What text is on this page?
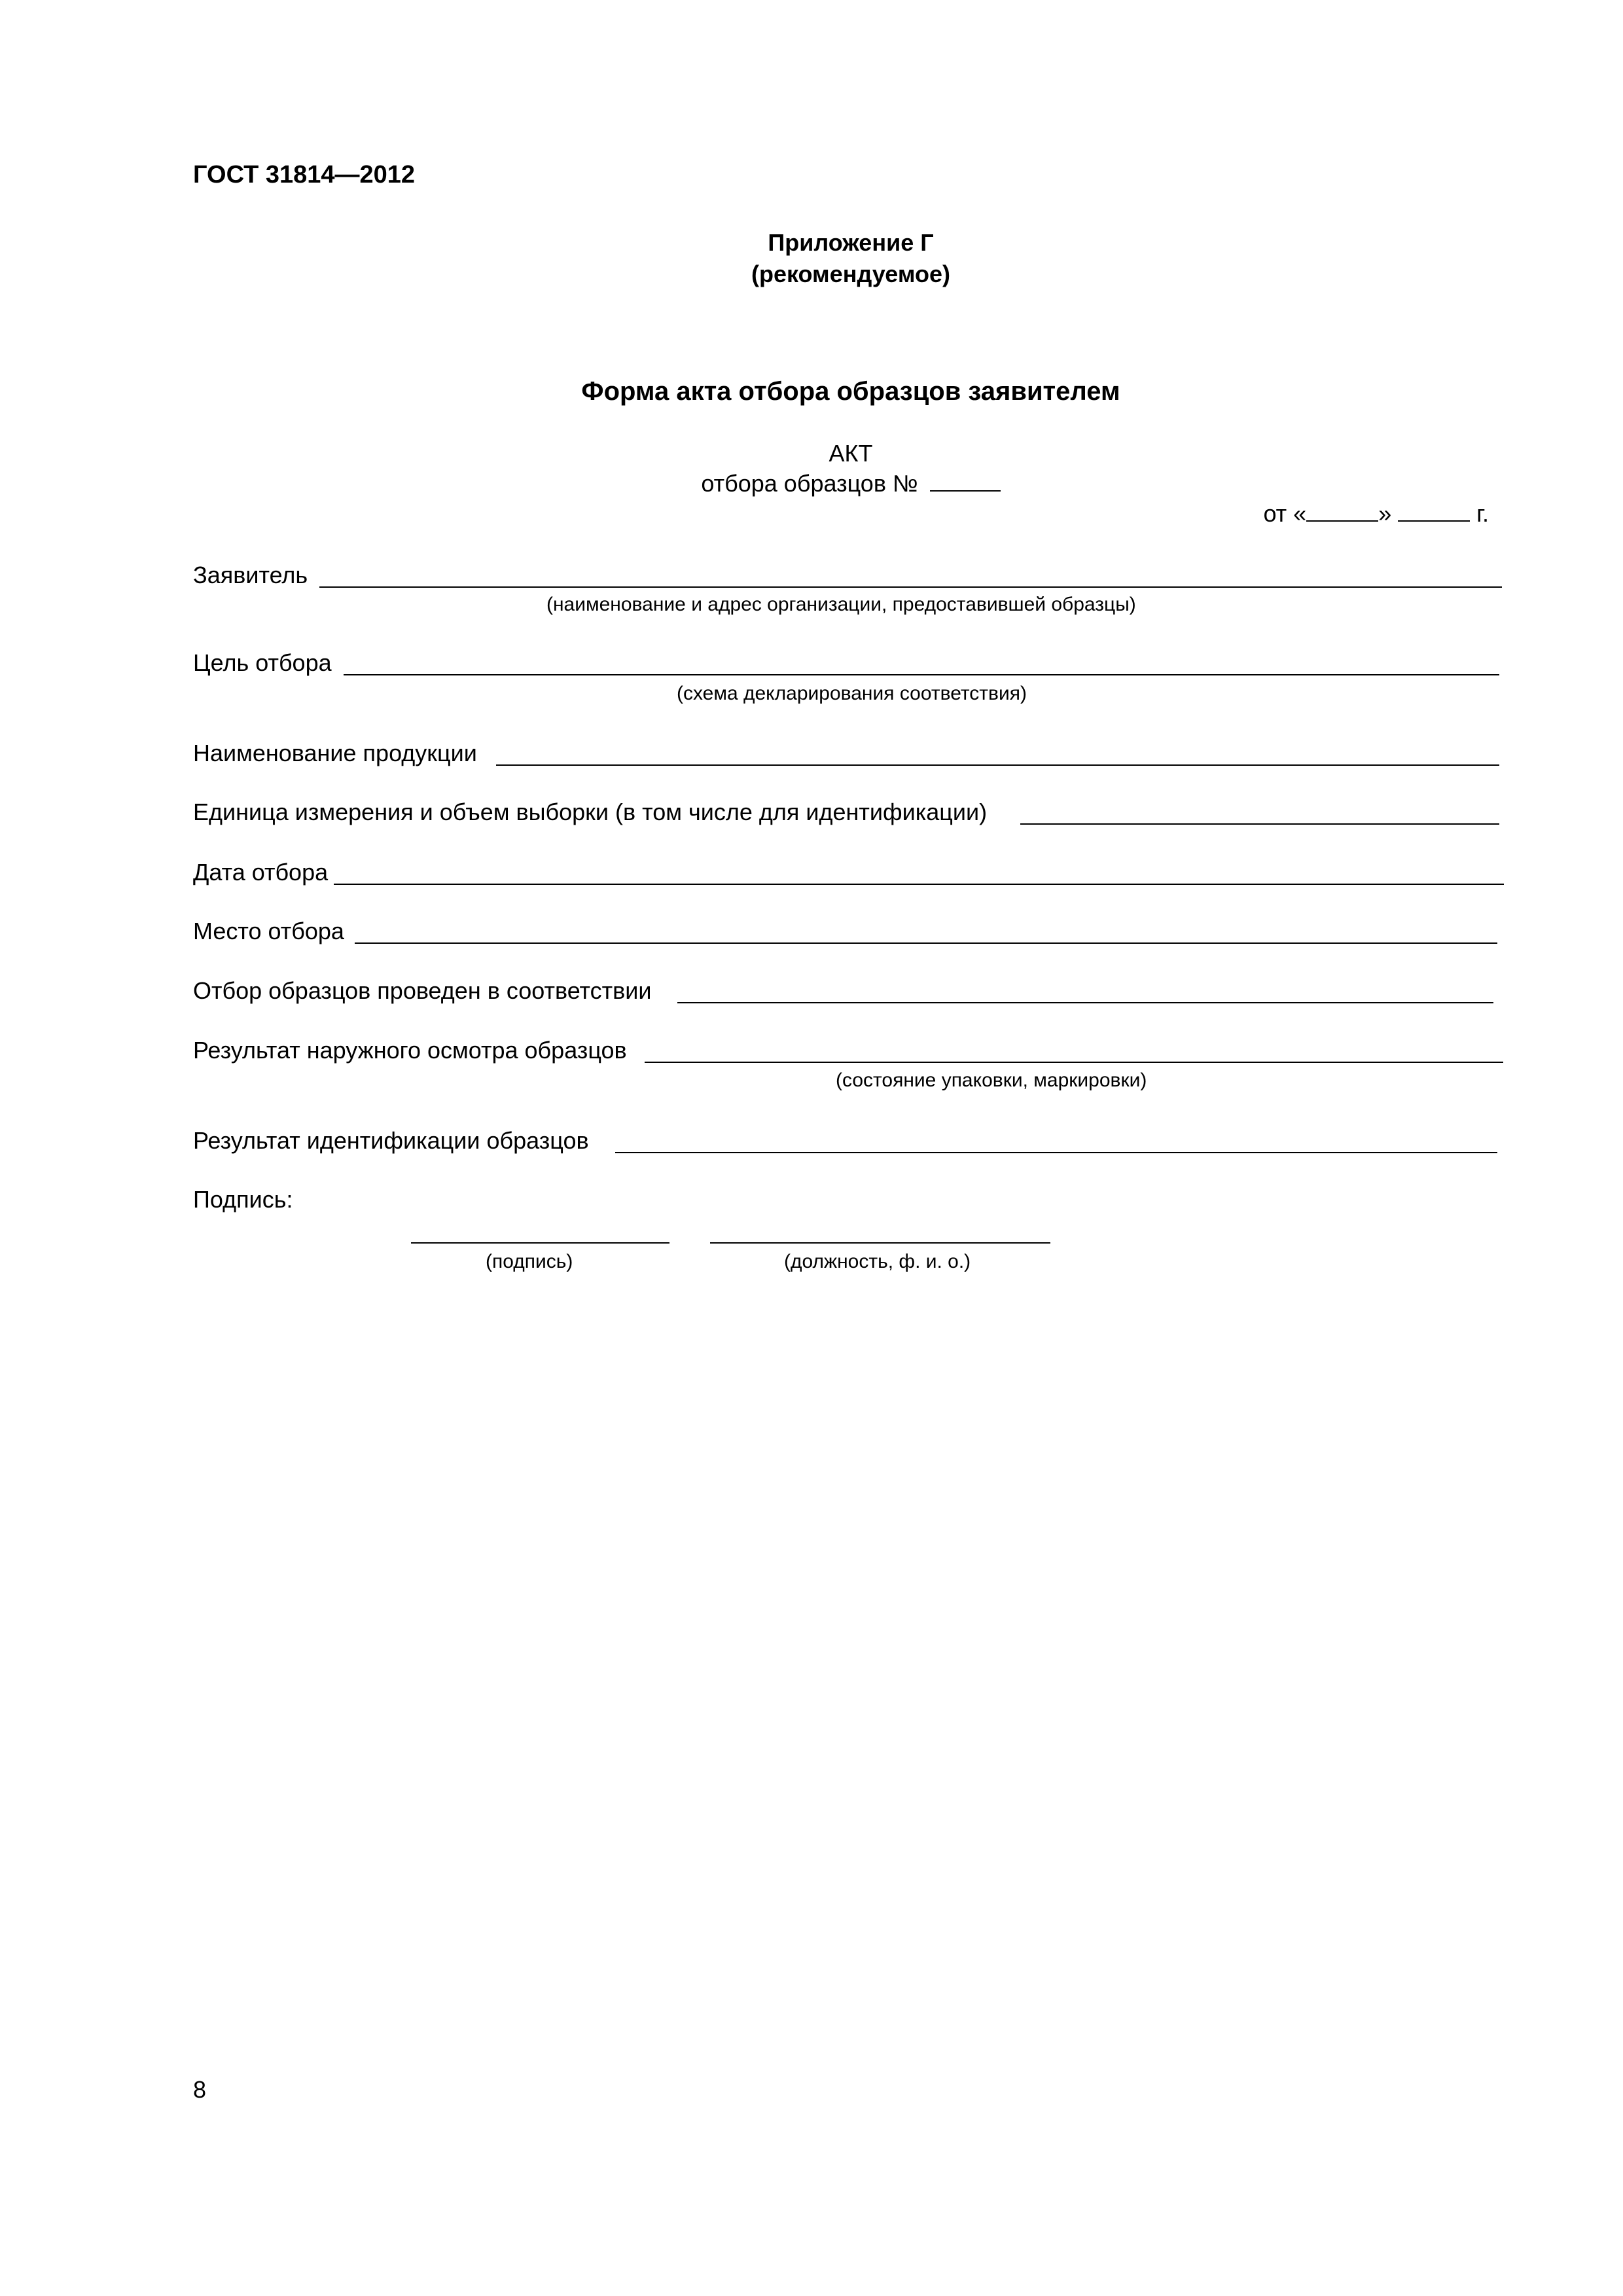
ГОСТ 31814—2012
Приложение Г
(рекомендуемое)
Форма акта отбора образцов заявителем
АКТ
отбора образцов №
от «	»	г.
Заявитель
(наименование и адрес организации, предоставившей образцы)
Цель отбора
(схема декларирования соответствия)
Наименование продукции
Единица измерения и объем выборки (в том числе для идентификации)
Дата отбора
Место отбора
Отбор образцов проведен в соответствии
Результат наружного осмотра образцов
(состояние упаковки, маркировки)
Результат идентификации образцов
Подпись:
(подпись)	(должность, ф. и. о.)
8
